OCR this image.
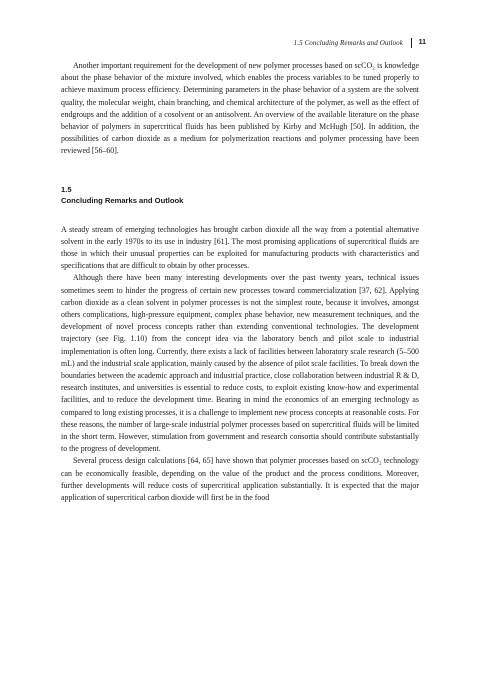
1.5 Concluding Remarks and Outlook	11

Another important requirement for the development of new polymer processes based on scCO₂ is knowledge about the phase behavior of the mixture involved, which enables the process variables to be tuned properly to achieve maximum process efficiency. Determining parameters in the phase behavior of a system are the solvent quality, the molecular weight, chain branching, and chemical architecture of the polymer, as well as the effect of endgroups and the addition of a cosolvent or an antisolvent. An overview of the available literature on the phase behavior of polymers in supercritical fluids has been published by Kirby and McHugh [50]. In addition, the possibilities of carbon dioxide as a medium for polymerization reactions and polymer processing have been reviewed [56–60].

1.5
Concluding Remarks and Outlook

A steady stream of emerging technologies has brought carbon dioxide all the way from a potential alternative solvent in the early 1970s to its use in industry [61]. The most promising applications of supercritical fluids are those in which their unusual properties can be exploited for manufacturing products with characteristics and specifications that are difficult to obtain by other processes.

Although there have been many interesting developments over the past twenty years, technical issues sometimes seem to hinder the progress of certain new processes toward commercialization [37, 62]. Applying carbon dioxide as a clean solvent in polymer processes is not the simplest route, because it involves, amongst others complications, high-pressure equipment, complex phase behavior, new measurement techniques, and the development of novel process concepts rather than extending conventional technologies. The development trajectory (see Fig. 1.10) from the concept idea via the laboratory bench and pilot scale to industrial implementation is often long. Currently, there exists a lack of facilities between laboratory scale research (5–500 mL) and the industrial scale application, mainly caused by the absence of pilot scale facilities. To break down the boundaries between the academic approach and industrial practice, close collaboration between industrial R & D, research institutes, and universities is essential to reduce costs, to exploit existing know-how and experimental facilities, and to reduce the development time. Bearing in mind the economics of an emerging technology as compared to long existing processes, it is a challenge to implement new process concepts at reasonable costs. For these reasons, the number of large-scale industrial polymer processes based on supercritical fluids will be limited in the short term. However, stimulation from government and research consortia should contribute substantially to the progress of development.

Several process design calculations [64, 65] have shown that polymer processes based on scCO₂ technology can be economically feasible, depending on the value of the product and the process conditions. Moreover, further developments will reduce costs of supercritical application substantially. It is expected that the major application of supercritical carbon dioxide will first be in the food
